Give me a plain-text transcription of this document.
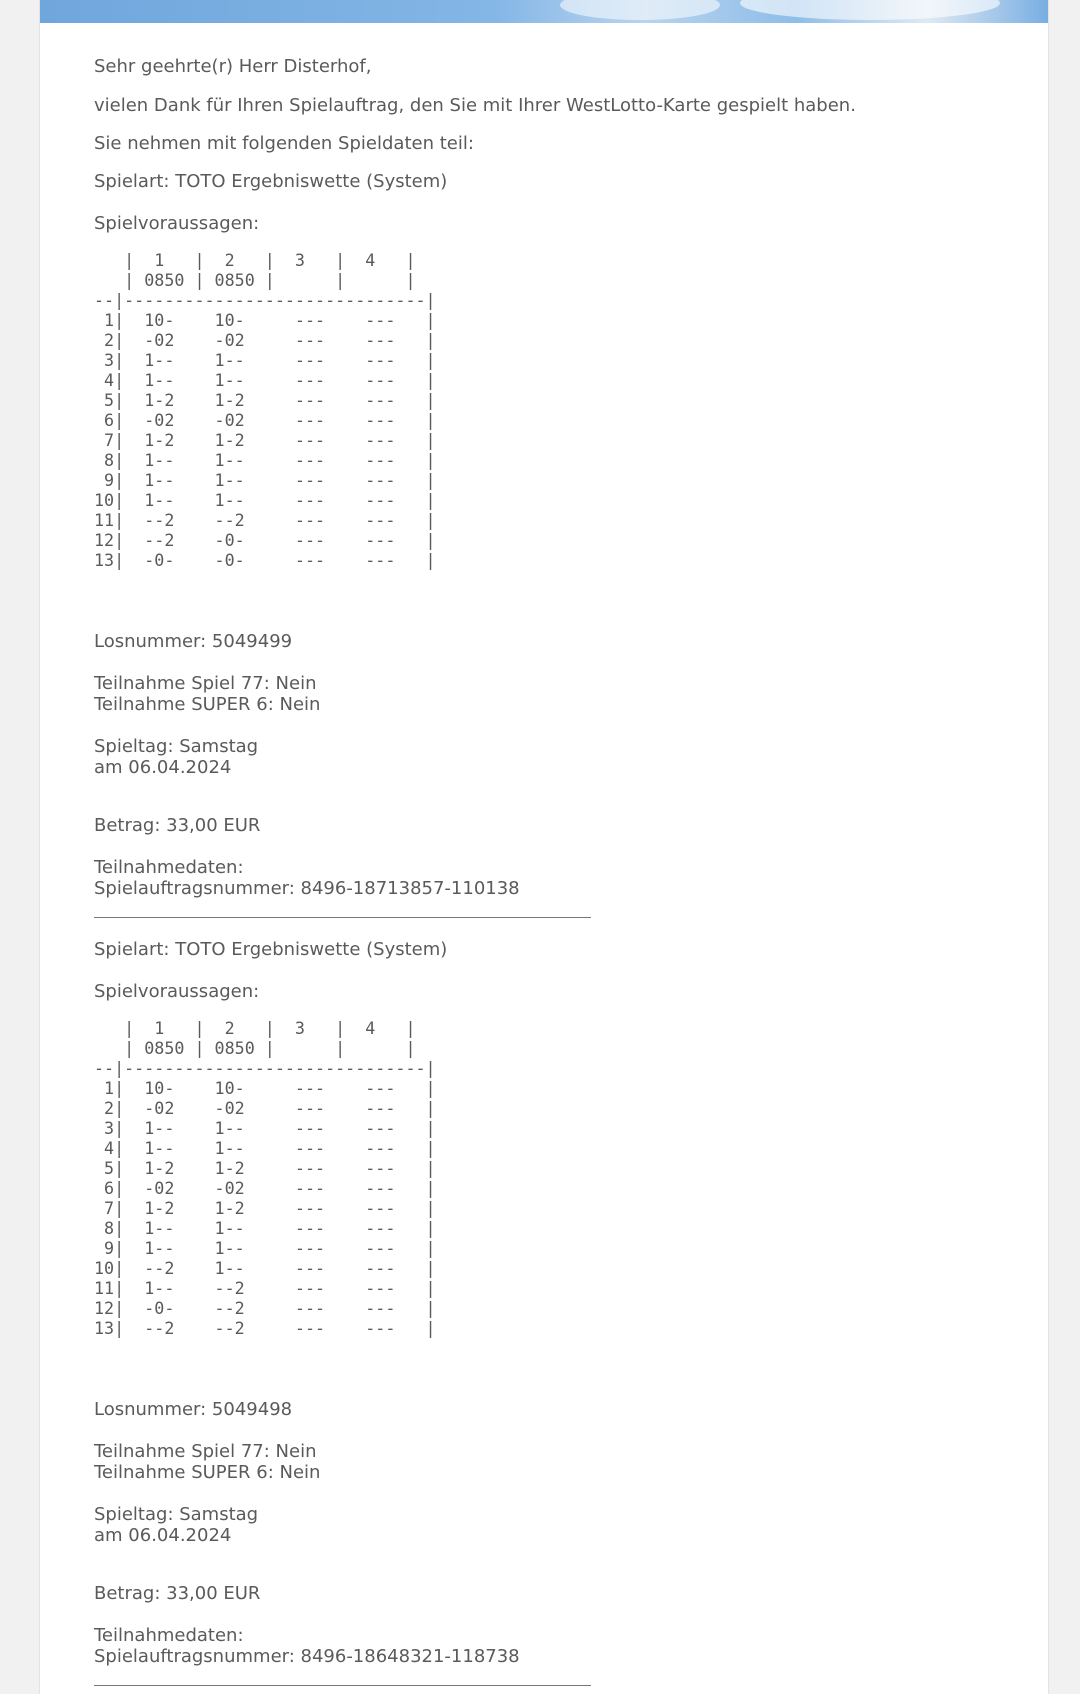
Sehr geehrte(r) Herr Disterhof,
vielen Dank für Ihren Spielauftrag, den Sie mit Ihrer WestLotto-Karte gespielt haben.
Sie nehmen mit folgenden Spieldaten teil:
Spielart: TOTO Ergebniswette (System)
Spielvoraussagen:
|  1   |  2   |  3   |  4   |
| 0850 | 0850 |      |      |
--|------------------------------|
1|  10-    10-     ---    ---   |
2|  -02    -02     ---    ---   |
3|  1--    1--     ---    ---   |
4|  1--    1--     ---    ---   |
5|  1-2    1-2     ---    ---   |
6|  -02    -02     ---    ---   |
7|  1-2    1-2     ---    ---   |
8|  1--    1--     ---    ---   |
9|  1--    1--     ---    ---   |
10|  1--    1--     ---    ---   |
11|  --2    --2     ---    ---   |
12|  --2    -0-     ---    ---   |
13|  -0-    -0-     ---    ---   |
Losnummer: 5049499
Teilnahme Spiel 77: Nein
Teilnahme SUPER 6: Nein
Spieltag: Samstag
am 06.04.2024
Betrag: 33,00 EUR
Teilnahmedaten:
Spielauftragsnummer: 8496-18713857-110138
Spielart: TOTO Ergebniswette (System)
Spielvoraussagen:
|  1   |  2   |  3   |  4   |
| 0850 | 0850 |      |      |
--|------------------------------|
1|  10-    10-     ---    ---   |
2|  -02    -02     ---    ---   |
3|  1--    1--     ---    ---   |
4|  1--    1--     ---    ---   |
5|  1-2    1-2     ---    ---   |
6|  -02    -02     ---    ---   |
7|  1-2    1-2     ---    ---   |
8|  1--    1--     ---    ---   |
9|  1--    1--     ---    ---   |
10|  --2    1--     ---    ---   |
11|  1--    --2     ---    ---   |
12|  -0-    --2     ---    ---   |
13|  --2    --2     ---    ---   |
Losnummer: 5049498
Teilnahme Spiel 77: Nein
Teilnahme SUPER 6: Nein
Spieltag: Samstag
am 06.04.2024
Betrag: 33,00 EUR
Teilnahmedaten:
Spielauftragsnummer: 8496-18648321-118738
